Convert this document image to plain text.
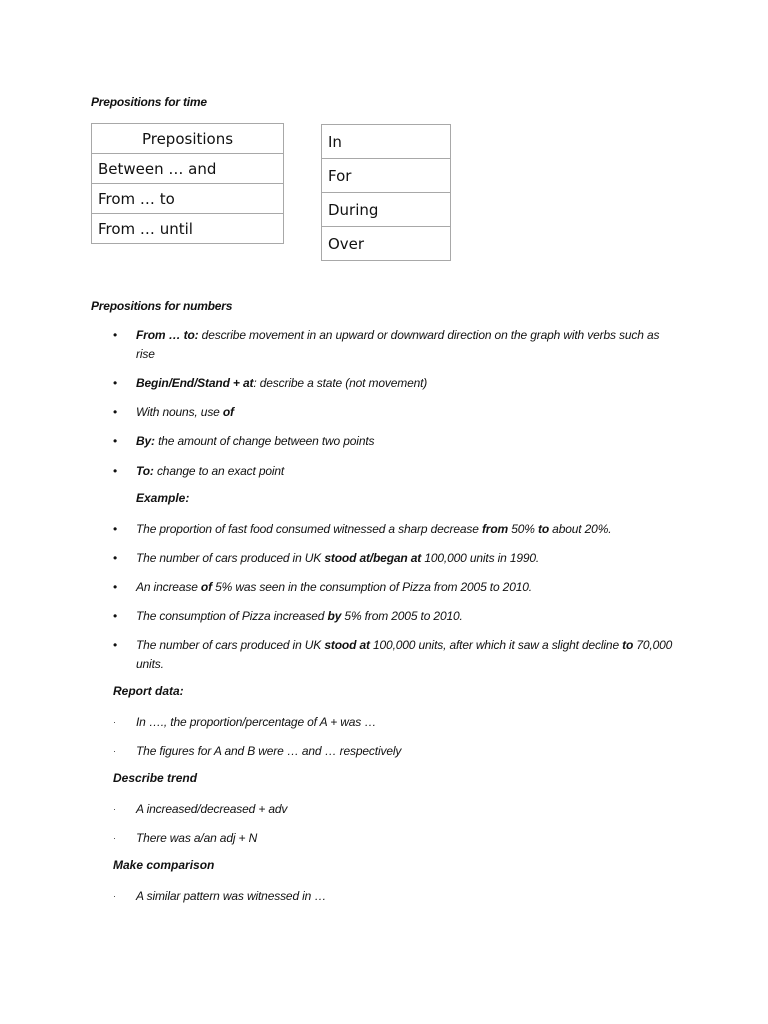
Prepositions for time
Prepositions
Between … and
From … to
From … until
In
For
During
Over
Prepositions for numbers
•	From … to: describe movement in an upward or downward direction on the graph with verbs such as rise
•	Begin/End/Stand + at: describe a state (not movement)
•	With nouns, use of
•	By: the amount of change between two points
•	To: change to an exact point
Example:
•	The proportion of fast food consumed witnessed a sharp decrease from 50% to about 20%.
•	The number of cars produced in UK stood at/began at 100,000 units in 1990.
•	An increase of 5% was seen in the consumption of Pizza from 2005 to 2010.
•	The consumption of Pizza increased by 5% from 2005 to 2010.
•	The number of cars produced in UK stood at 100,000 units, after which it saw a slight decline to 70,000 units.
Report data:
·	In …., the proportion/percentage of A + was …
·	The figures for A and B were … and … respectively
Describe trend
·	A increased/decreased + adv
·	There was a/an adj + N
Make comparison
·	A similar pattern was witnessed in …
